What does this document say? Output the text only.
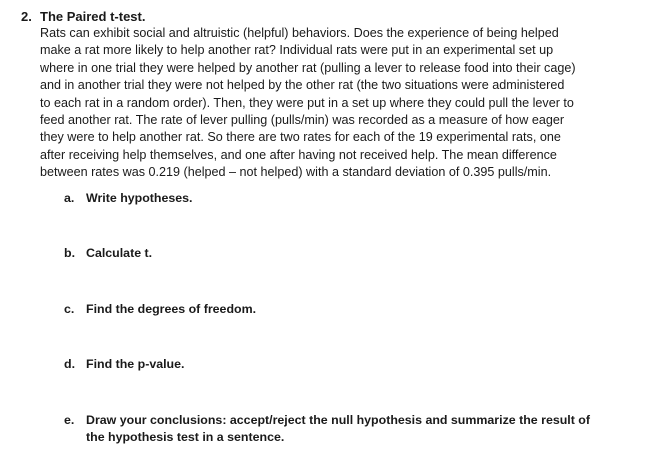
2. The Paired t-test.
Rats can exhibit social and altruistic (helpful) behaviors. Does the experience of being helped
make a rat more likely to help another rat? Individual rats were put in an experimental set up
where in one trial they were helped by another rat (pulling a lever to release food into their cage)
and in another trial they were not helped by the other rat (the two situations were administered
to each rat in a random order). Then, they were put in a set up where they could pull the lever to
feed another rat. The rate of lever pulling (pulls/min) was recorded as a measure of how eager
they were to help another rat. So there are two rates for each of the 19 experimental rats, one
after receiving help themselves, and one after having not received help. The mean difference
between rates was 0.219 (helped – not helped) with a standard deviation of 0.395 pulls/min.
a. Write hypotheses.
b. Calculate t.
c. Find the degrees of freedom.
d. Find the p-value.
e. Draw your conclusions: accept/reject the null hypothesis and summarize the result of
the hypothesis test in a sentence.
